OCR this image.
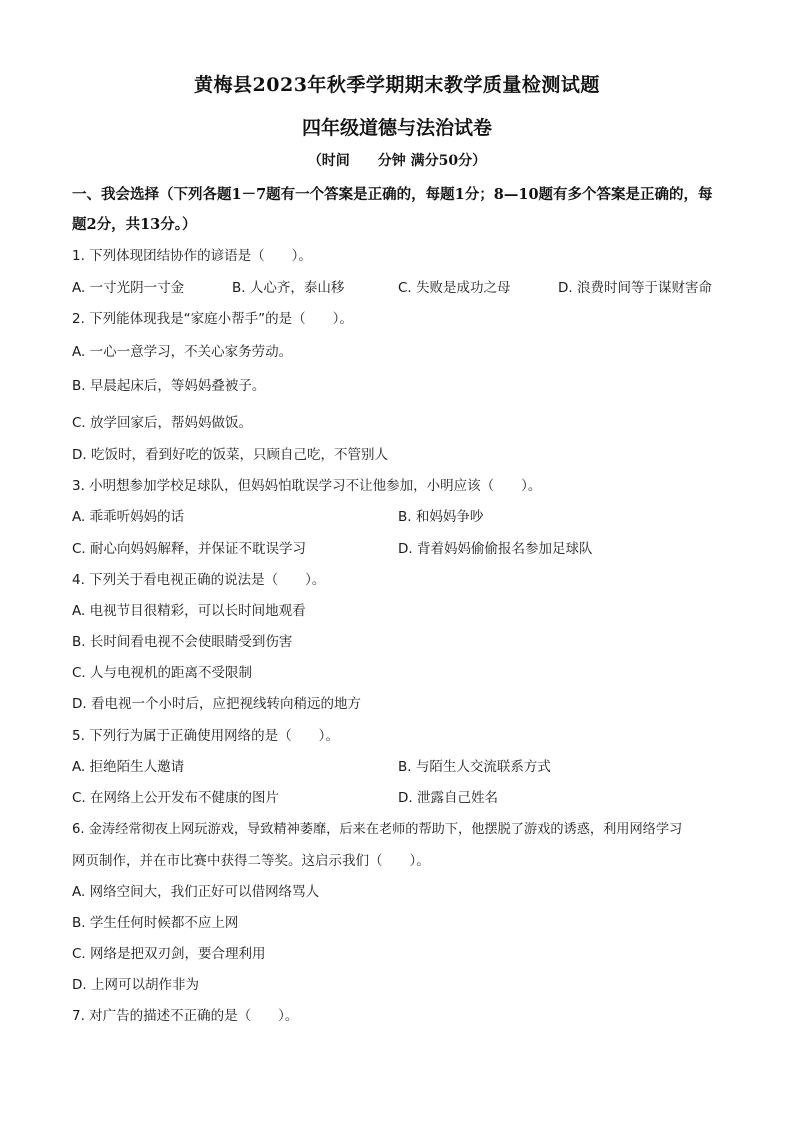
黄梅县2023年秋季学期期末教学质量检测试题
四年级道德与法治试卷
（时间　　分钟 满分50分）
一、我会选择（下列各题1－7题有一个答案是正确的，每题1分；8—10题有多个答案是正确的，每题2分，共13分。）
1. 下列体现团结协作的谚语是（　　）。
A. 一寸光阴一寸金	B. 人心齐，泰山移	C. 失败是成功之母	D. 浪费时间等于谋财害命
2. 下列能体现我是“家庭小帮手”的是（　　）。
A. 一心一意学习，不关心家务劳动。
B. 早晨起床后，等妈妈叠被子。
C. 放学回家后，帮妈妈做饭。
D. 吃饭时，看到好吃的饭菜，只顾自己吃，不管别人
3. 小明想参加学校足球队，但妈妈怕耽误学习不让他参加，小明应该（　　）。
A. 乖乖听妈妈的话	B. 和妈妈争吵
C. 耐心向妈妈解释，并保证不耽误学习	D. 背着妈妈偷偷报名参加足球队
4. 下列关于看电视正确的说法是（　　）。
A. 电视节目很精彩，可以长时间地观看
B. 长时间看电视不会使眼睛受到伤害
C. 人与电视机的距离不受限制
D. 看电视一个小时后，应把视线转向稍远的地方
5. 下列行为属于正确使用网络的是（　　）。
A. 拒绝陌生人邀请	B. 与陌生人交流联系方式
C. 在网络上公开发布不健康的图片	D. 泄露自己姓名
6. 金涛经常彻夜上网玩游戏，导致精神萎靡，后来在老师的帮助下，他摆脱了游戏的诱惑，利用网络学习
网页制作，并在市比赛中获得二等奖。这启示我们（　　）。
A. 网络空间大，我们正好可以借网络骂人
B. 学生任何时候都不应上网
C. 网络是把双刃剑，要合理利用
D. 上网可以胡作非为
7. 对广告的描述不正确的是（　　）。
